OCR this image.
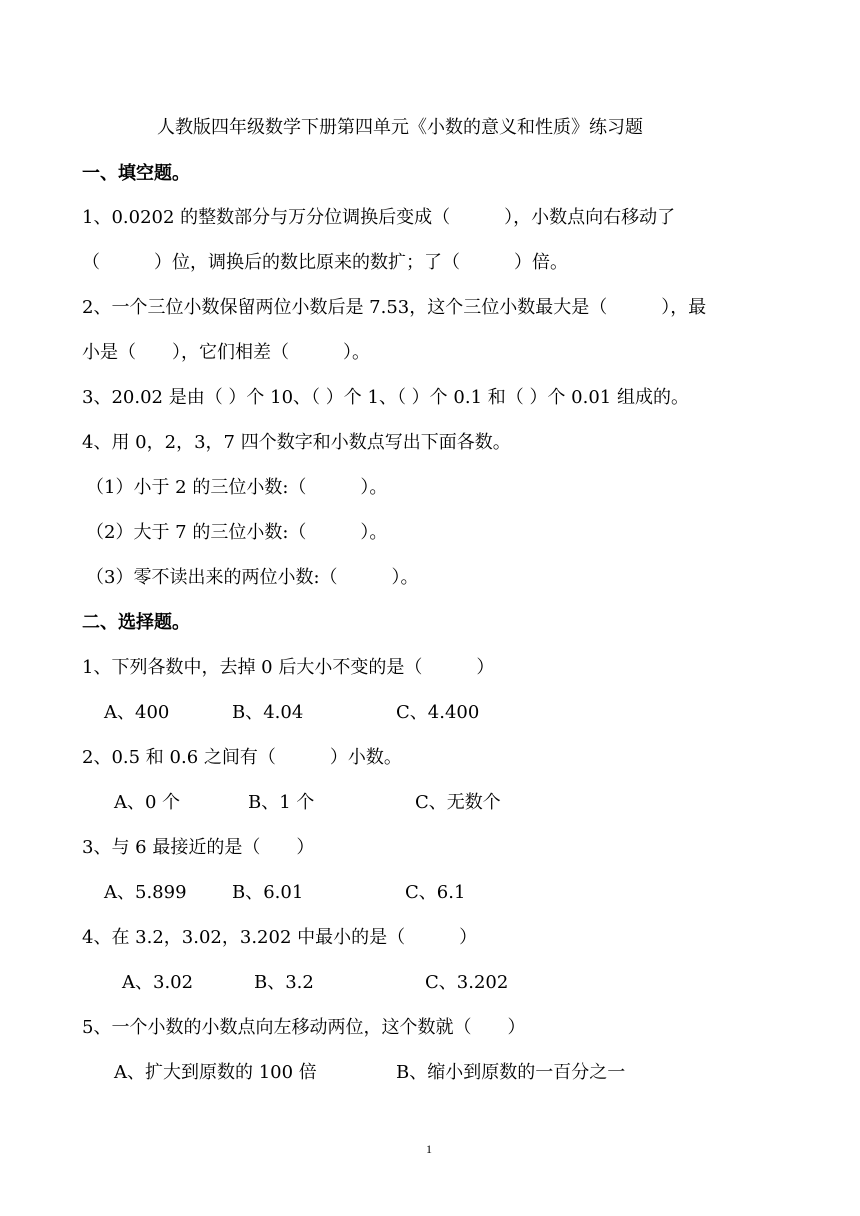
人教版四年级数学下册第四单元《小数的意义和性质》练习题
一、填空题。
1、0.0202 的整数部分与万分位调换后变成（　　　），小数点向右移动了
（　　　）位，调换后的数比原来的数扩；了（　　　）倍。
2、一个三位小数保留两位小数后是 7.53，这个三位小数最大是（　　　），最
小是（　　），它们相差（　　　）。
3、20.02 是由（ ）个 10、（ ）个 1、（ ）个 0.1 和（ ）个 0.01 组成的。
4、用 0，2，3，7 四个数字和小数点写出下面各数。
（1）小于 2 的三位小数:（　　　）。
（2）大于 7 的三位小数:（　　　）。
（3）零不读出来的两位小数:（　　　）。
二、选择题。
1、下列各数中，去掉 0 后大小不变的是（　　　）
A、400	B、4.04	C、4.400
2、0.5 和 0.6 之间有（　　　）小数。
A、0 个	B、1 个	C、无数个
3、与 6 最接近的是（　　）
A、5.899	B、6.01	C、6.1
4、在 3.2，3.02，3.202 中最小的是（　　　）
A、3.02	B、3.2	C、3.202
5、一个小数的小数点向左移动两位，这个数就（　　）
A、扩大到原数的 100 倍	B、缩小到原数的一百分之一
1
